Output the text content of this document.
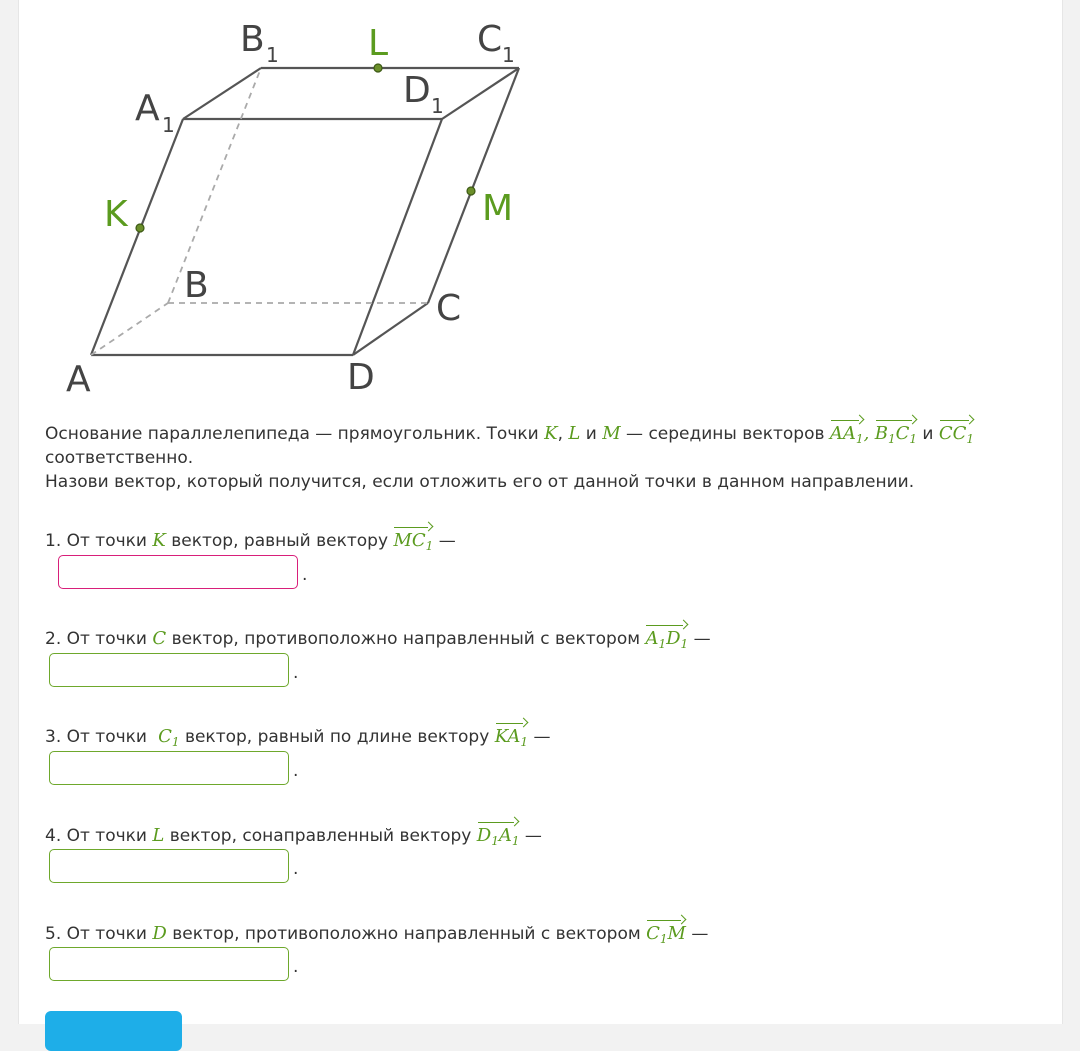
A	D
B
C
A
B	C
D
1
1	1
1
K
L
M
Основание параллелепипеда — прямоугольник. Точки K, L и M — середины векторов $AA_1$, $B_1C_1$ и $CC_1$
соответственно.
Назови вектор, который получится, если отложить его от данной точки в данном направлении.
1. От точки K вектор, равный вектору $MC_1$ —
.
2. От точки C вектор, противоположно направленный с вектором $A_1D_1$ —
.
3. От точки $C_1$ вектор, равный по длине вектору $KA_1$ —
.
4. От точки L вектор, сонаправленный вектору $D_1A_1$ —
.
5. От точки D вектор, противоположно направленный с вектором $C_1M$ —
.
